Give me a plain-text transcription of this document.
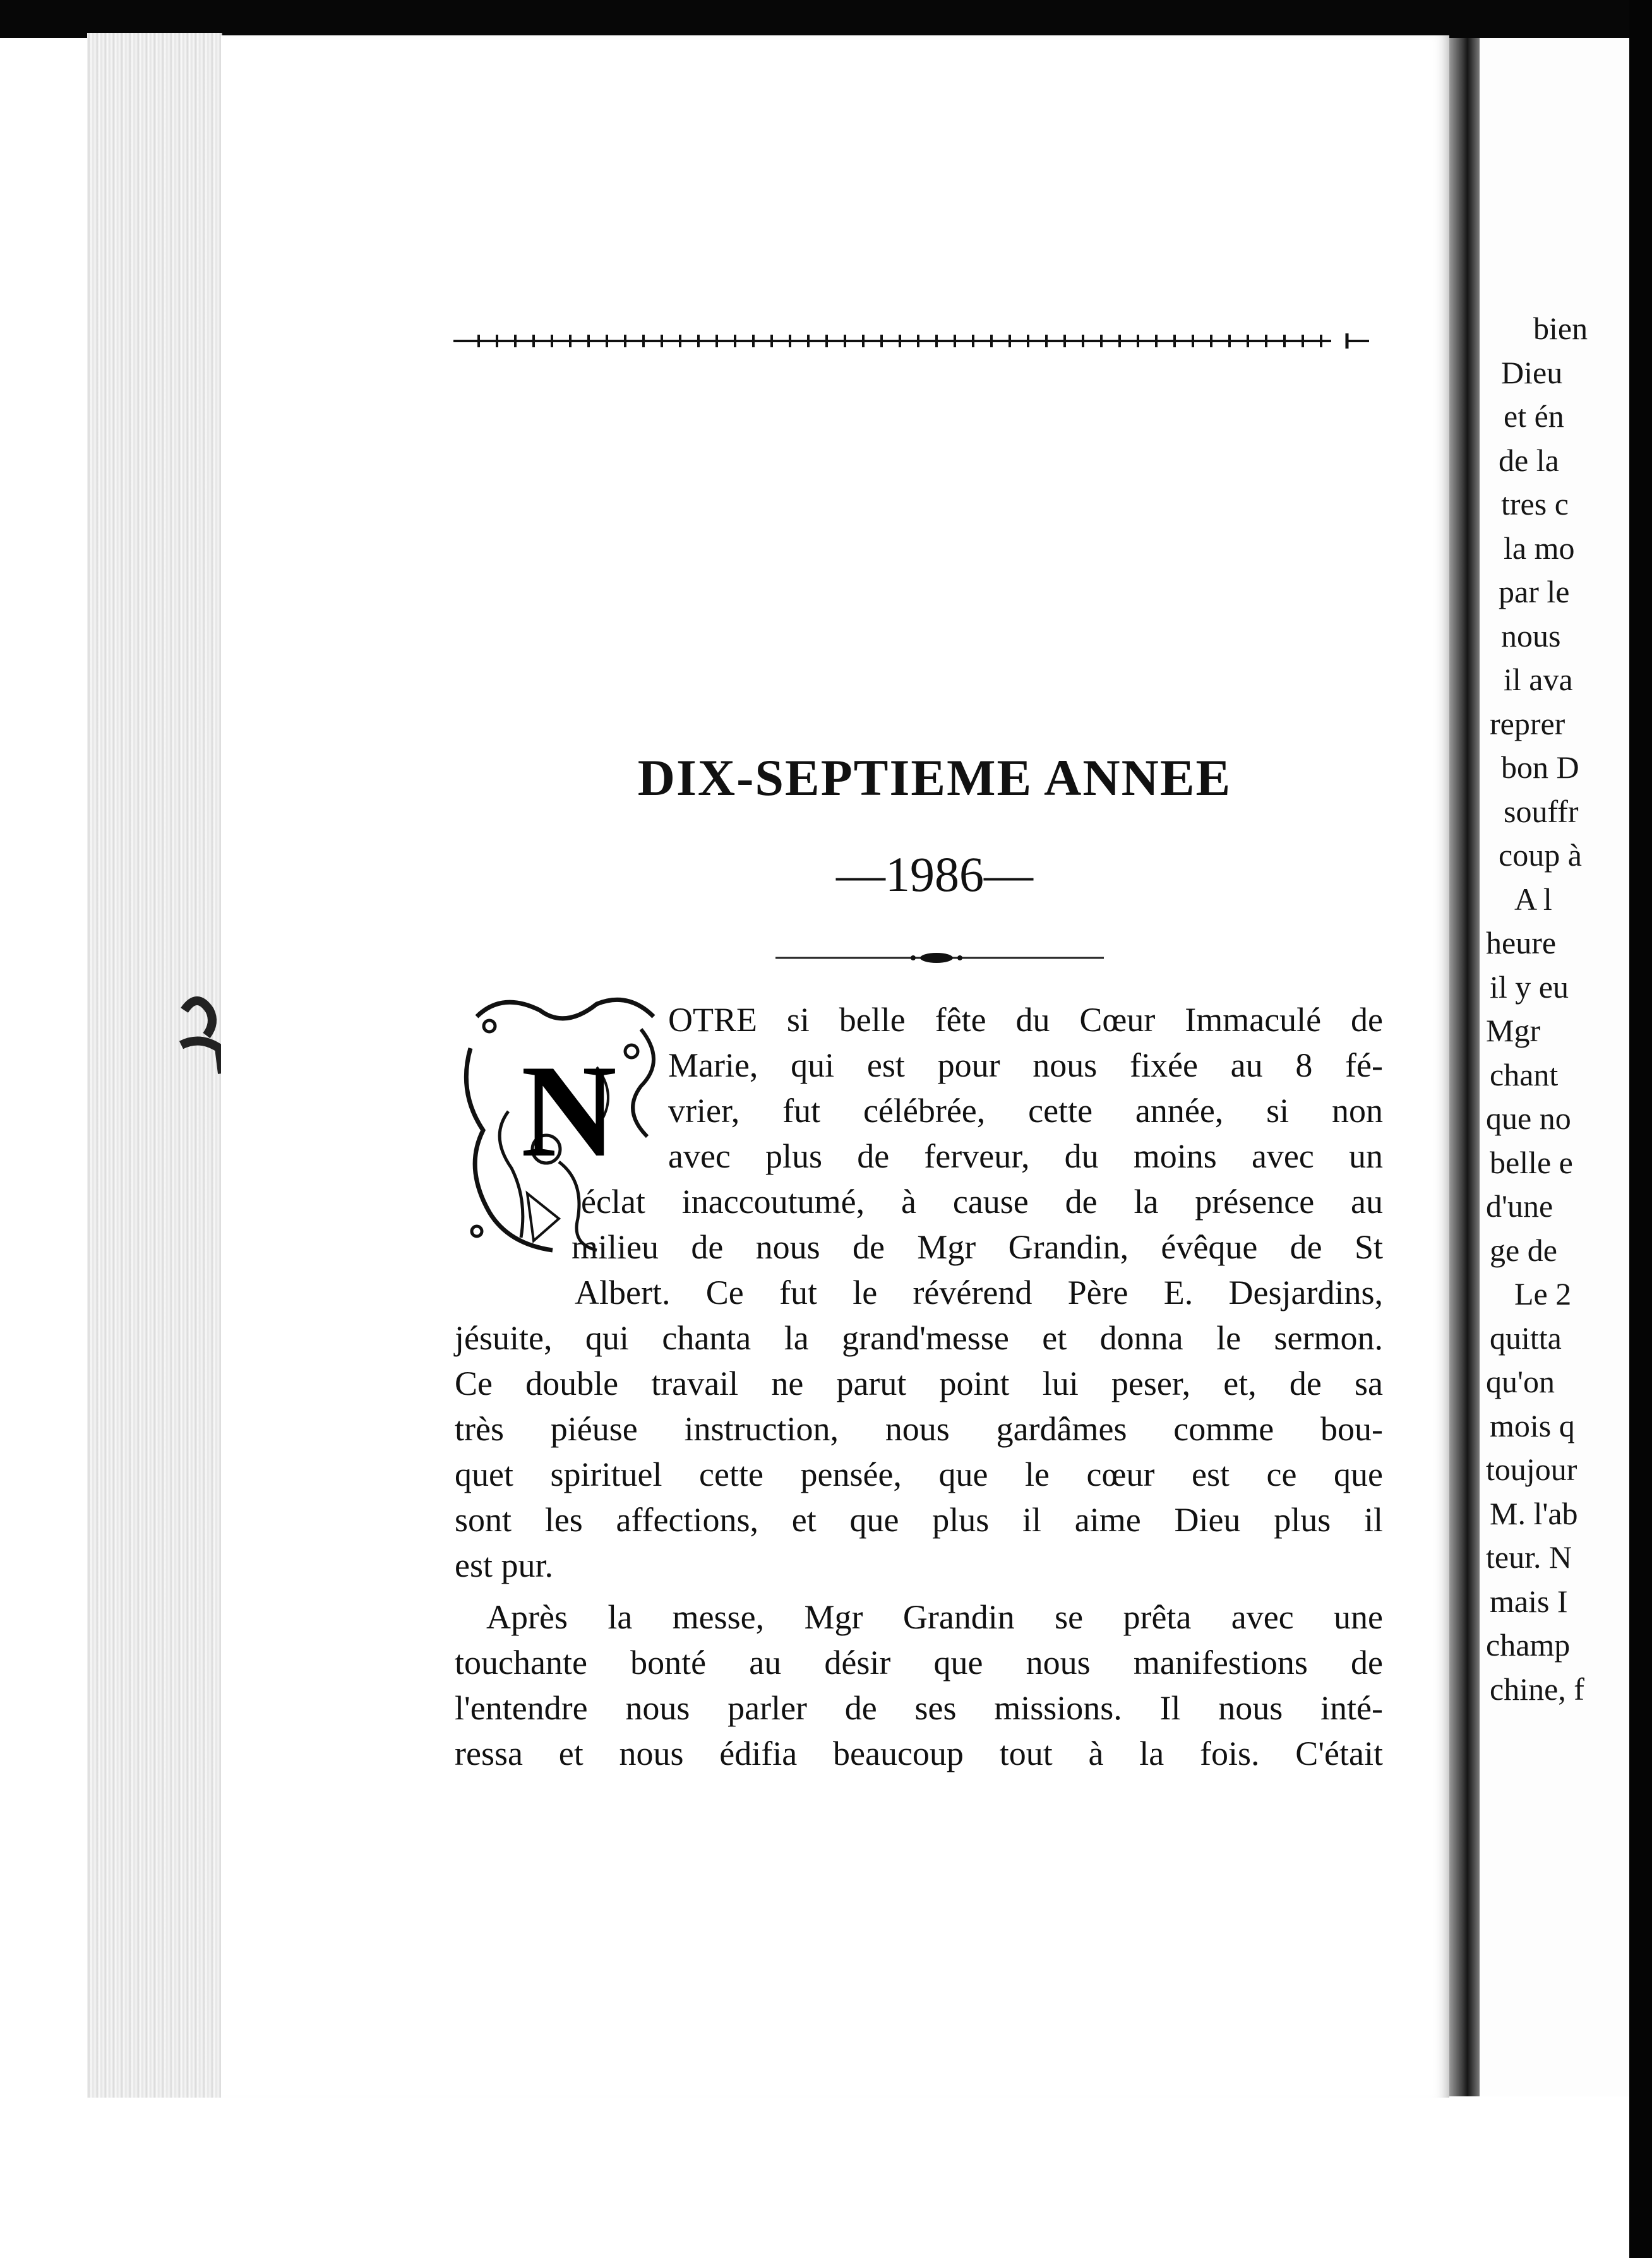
DIX-SEPTIEME ANNEE
—1986—
N
OTRE si belle fête du Cœur Immaculé de
Marie, qui est pour nous fixée au 8 fé-
vrier, fut célébrée, cette année, si non
avec plus de ferveur, du moins avec un
éclat inaccoutumé, à cause de la présence au
milieu de nous de Mgr Grandin, évêque de St
Albert. Ce fut le révérend Père E. Desjardins,
jésuite, qui chanta la grand'messe et donna le sermon.
Ce double travail ne parut point lui peser, et, de sa
très piéuse instruction, nous gardâmes comme bou-
quet spirituel cette pensée, que le cœur est ce que
sont les affections, et que plus il aime Dieu plus il
est pur.
Après la messe, Mgr Grandin se prêta avec une
touchante bonté au désir que nous manifestions de
l'entendre nous parler de ses missions. Il nous inté-
ressa et nous édifia beaucoup tout à la fois. C'était
bien
Dieu
et én
de la
tres c
la mo
par le
nous
il ava
reprer
bon D
souffr
coup à
A l
heure
il y eu
Mgr
chant
que no
belle e
d'une
ge de
Le 2
quitta
qu'on
mois q
toujour
M. l'ab
teur. N
mais I
champ
chine, f
